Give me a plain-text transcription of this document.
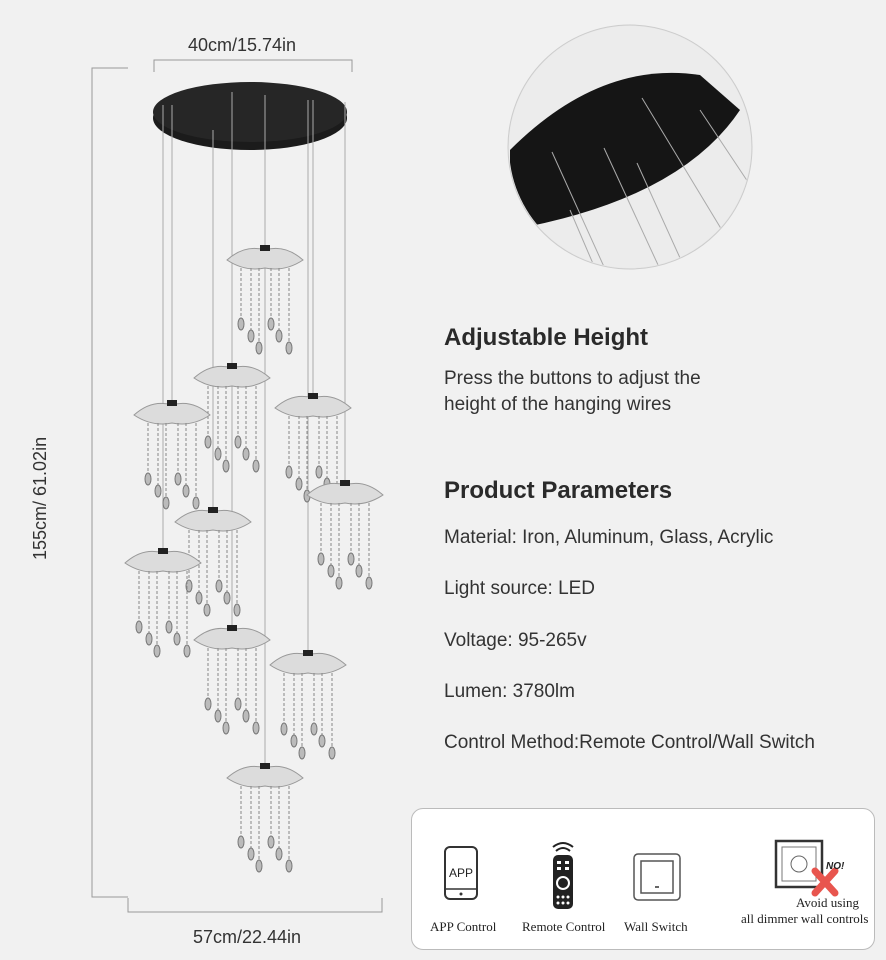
40cm/15.74in
155cm/ 61.02in
57cm/22.44in
Adjustable Height
Press the buttons to adjust the
height of the hanging wires
Product Parameters
Material: Iron, Aluminum, Glass, Acrylic
Light source: LED
Voltage: 95-265v
Lumen: 3780lm
Control Method:Remote Control/Wall Switch
APP	NO!
APP Control Remote Control Wall Switch
Avoid using
all dimmer wall controls
